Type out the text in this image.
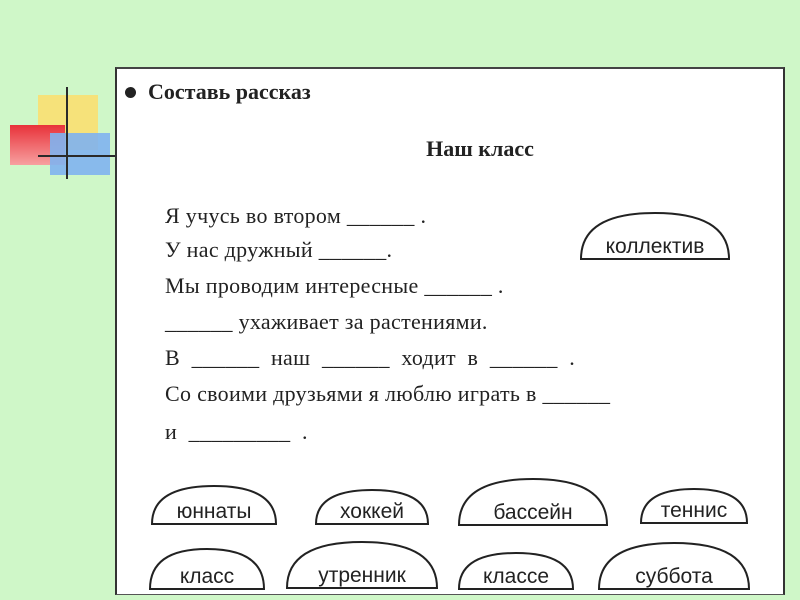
Составь рассказ
Наш класс
Я учусь во втором ______ .
У нас дружный ______.
Мы проводим интересные ______ .
______ ухаживает за растениями.
В  ______  наш  ______  ходит  в  ______  .
Со своими друзьями я люблю играть в ______
и  _________  .
коллектив
юннаты	хоккей	бассейн	теннис
класс	утренник	классе	суббота
